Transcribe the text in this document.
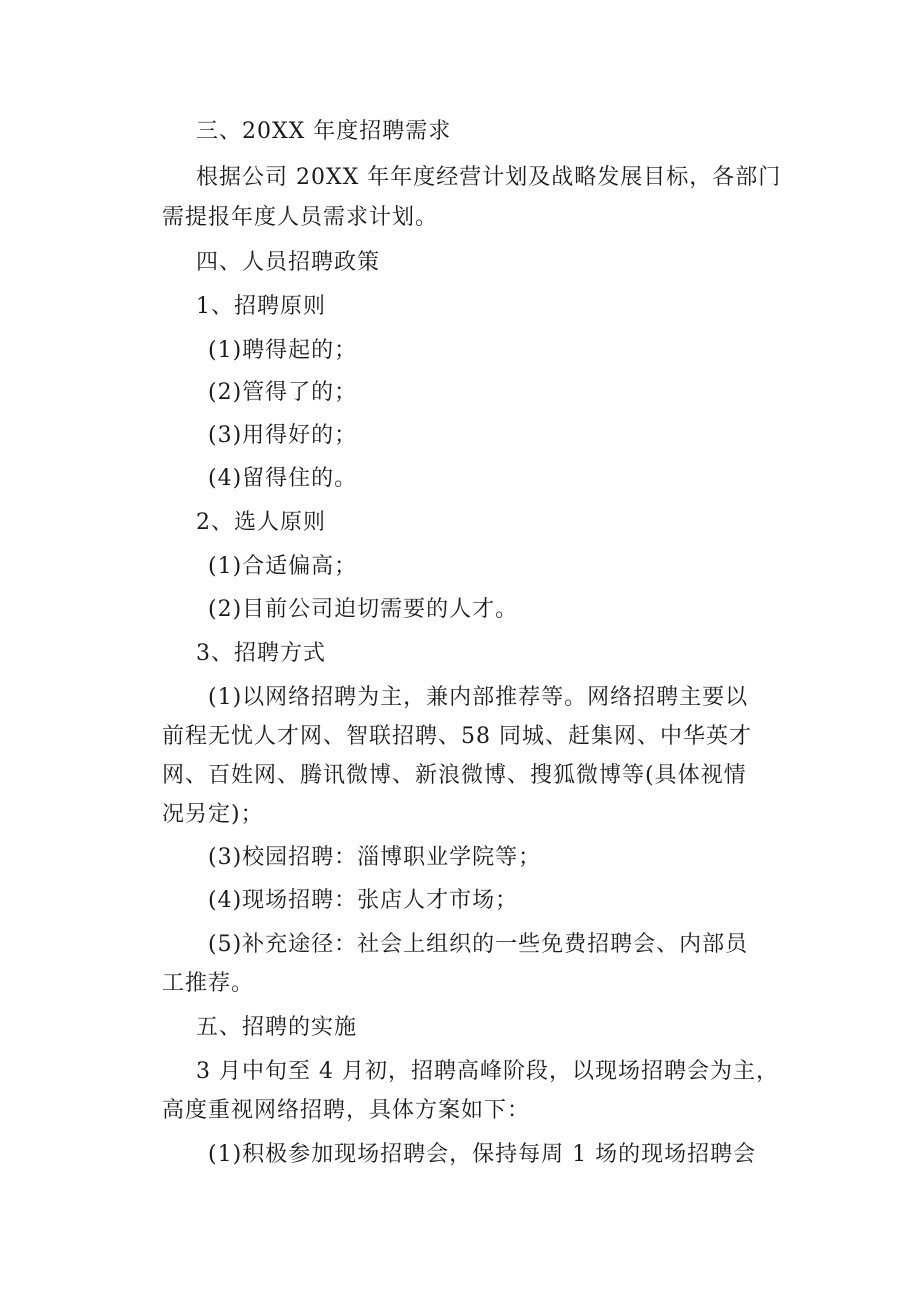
三、20XX 年度招聘需求
根据公司 20XX 年年度经营计划及战略发展目标，各部门
需提报年度人员需求计划。
四、人员招聘政策
1、招聘原则
(1)聘得起的；
(2)管得了的；
(3)用得好的；
(4)留得住的。
2、选人原则
(1)合适偏高；
(2)目前公司迫切需要的人才。
3、招聘方式
(1)以网络招聘为主，兼内部推荐等。网络招聘主要以
前程无忧人才网、智联招聘、58 同城、赶集网、中华英才
网、百姓网、腾讯微博、新浪微博、搜狐微博等(具体视情
况另定)；
(3)校园招聘：淄博职业学院等；
(4)现场招聘：张店人才市场；
(5)补充途径：社会上组织的一些免费招聘会、内部员
工推荐。
五、招聘的实施
3 月中旬至 4 月初，招聘高峰阶段，以现场招聘会为主，
高度重视网络招聘，具体方案如下：
(1)积极参加现场招聘会，保持每周 1 场的现场招聘会
